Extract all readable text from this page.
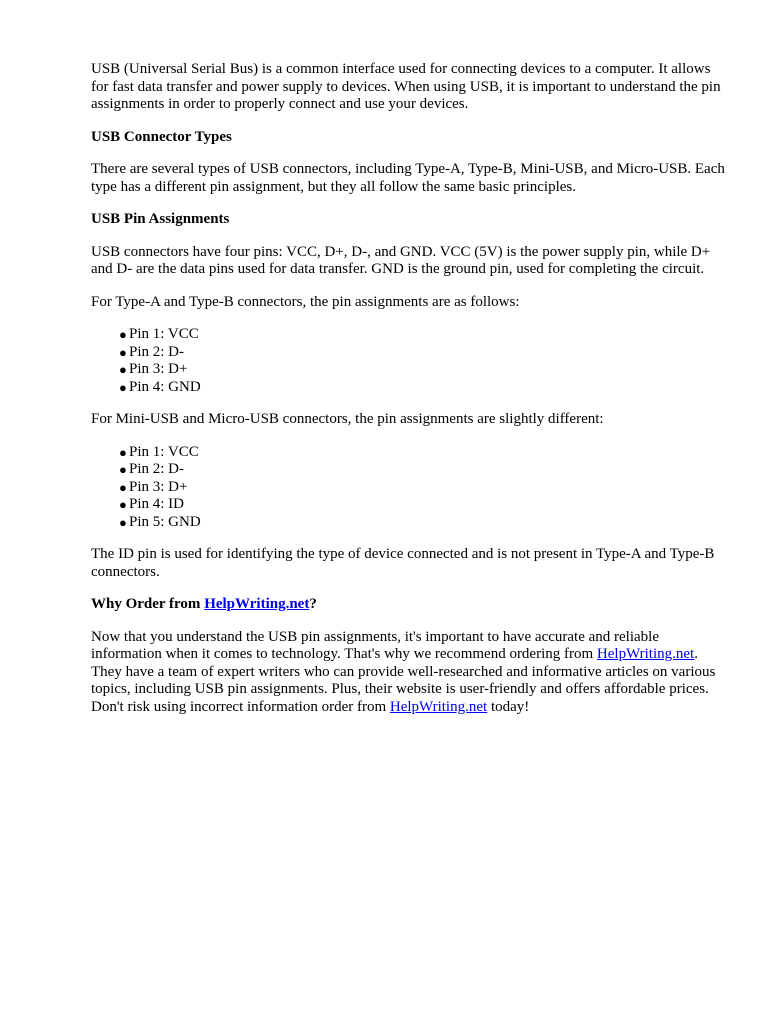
USB (Universal Serial Bus) is a common interface used for connecting devices to a computer. It allows for fast data transfer and power supply to devices. When using USB, it is important to understand the pin assignments in order to properly connect and use your devices.

USB Connector Types

There are several types of USB connectors, including Type-A, Type-B, Mini-USB, and Micro-USB. Each type has a different pin assignment, but they all follow the same basic principles.

USB Pin Assignments

USB connectors have four pins: VCC, D+, D-, and GND. VCC (5V) is the power supply pin, while D+ and D- are the data pins used for data transfer. GND is the ground pin, used for completing the circuit.

For Type-A and Type-B connectors, the pin assignments are as follows:

● Pin 1: VCC
● Pin 2: D-
● Pin 3: D+
● Pin 4: GND

For Mini-USB and Micro-USB connectors, the pin assignments are slightly different:

● Pin 1: VCC
● Pin 2: D-
● Pin 3: D+
● Pin 4: ID
● Pin 5: GND

The ID pin is used for identifying the type of device connected and is not present in Type-A and Type-B connectors.

Why Order from HelpWriting.net?

Now that you understand the USB pin assignments, it's important to have accurate and reliable information when it comes to technology. That's why we recommend ordering from HelpWriting.net. They have a team of expert writers who can provide well-researched and informative articles on various topics, including USB pin assignments. Plus, their website is user-friendly and offers affordable prices. Don't risk using incorrect information order from HelpWriting.net today!
